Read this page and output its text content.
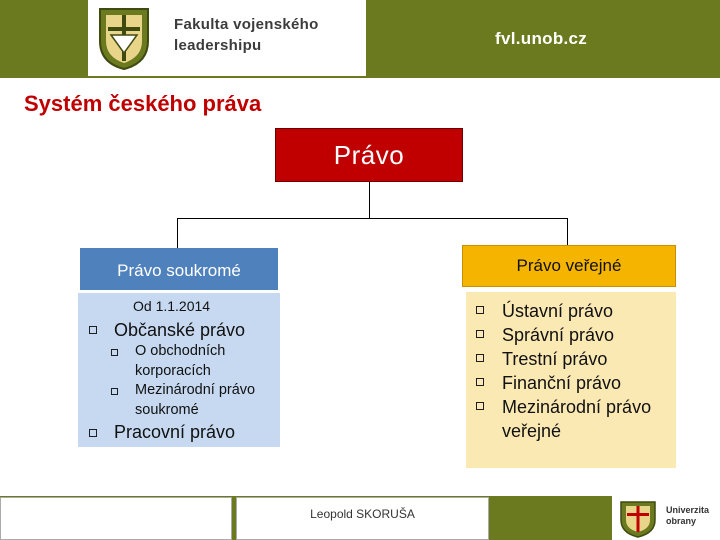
Fakulta vojenského
leadershipu	fvl.unob.cz
Systém českého práva
Právo
Právo soukromé
Od 1.1.2014
Občanské právo
O obchodních korporacích
Mezinárodní právo soukromé
Pracovní právo
Právo veřejné
Ústavní právo
Správní právo
Trestní právo
Finanční právo
Mezinárodní právo veřejné
Leopold SKORUŠA	Univerzita
obrany
